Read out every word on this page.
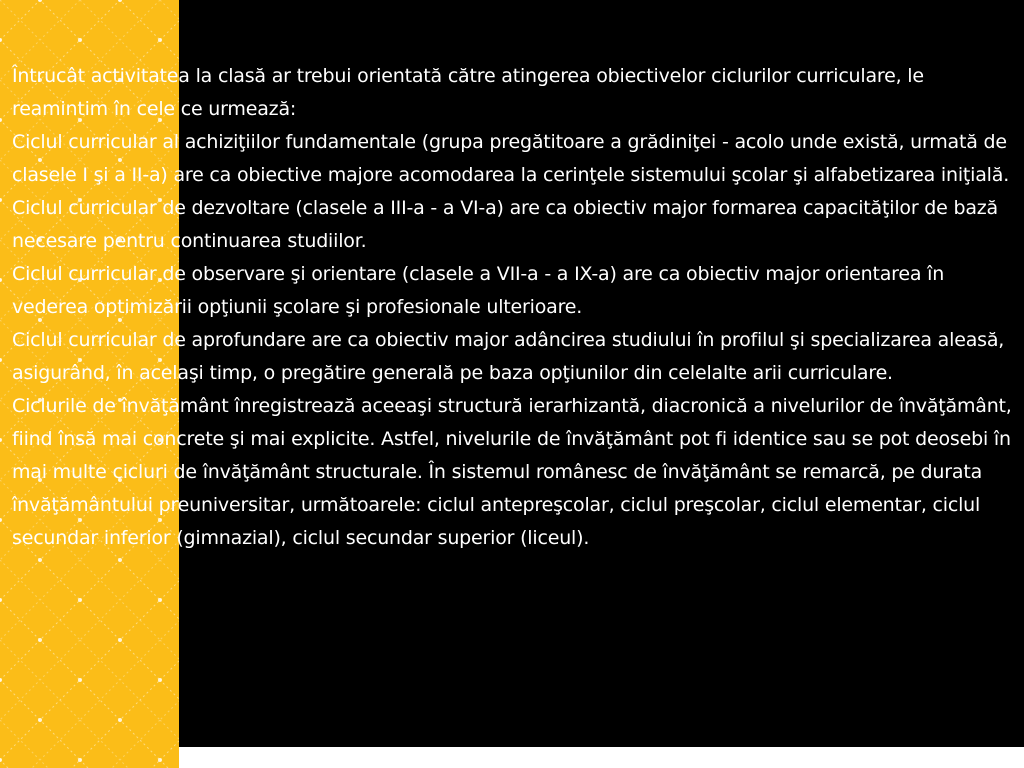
Întrucât activitatea la clasă ar trebui orientată către atingerea obiectivelor ciclurilor curriculare, le reamintim în cele ce urmează:

Ciclul curricular al achiziţiilor fundamentale (grupa pregătitoare a grădiniţei - acolo unde există, urmată de clasele I şi a II-a) are ca obiective majore acomodarea la cerinţele sistemului şcolar şi alfabetizarea iniţială.

Ciclul curricular de dezvoltare (clasele a III-a - a VI-a) are ca obiectiv major formarea capacităţilor de bază necesare pentru continuarea studiilor.

Ciclul curricular de observare şi orientare (clasele a VII-a - a IX-a) are ca obiectiv major orientarea în vederea optimizării opţiunii şcolare şi profesionale ulterioare.

Ciclul curricular de aprofundare are ca obiectiv major adâncirea studiului în profilul şi specializarea aleasă, asigurând, în acelaşi timp, o pregătire generală pe baza opţiunilor din celelalte arii curriculare.

Ciclurile de învăţământ înregistrează aceeaşi structură ierarhizantă, diacronică a nivelurilor de învăţământ, fiind însă mai concrete şi mai explicite. Astfel, nivelurile de învăţământ pot fi identice sau se pot deosebi în mai multe cicluri de învăţământ structurale. În sistemul românesc de învăţământ se remarcă, pe durata învăţământului preuniversitar, următoarele: ciclul antepreşcolar, ciclul preşcolar, ciclul elementar, ciclul secundar inferior (gimnazial), ciclul secundar superior (liceul).
